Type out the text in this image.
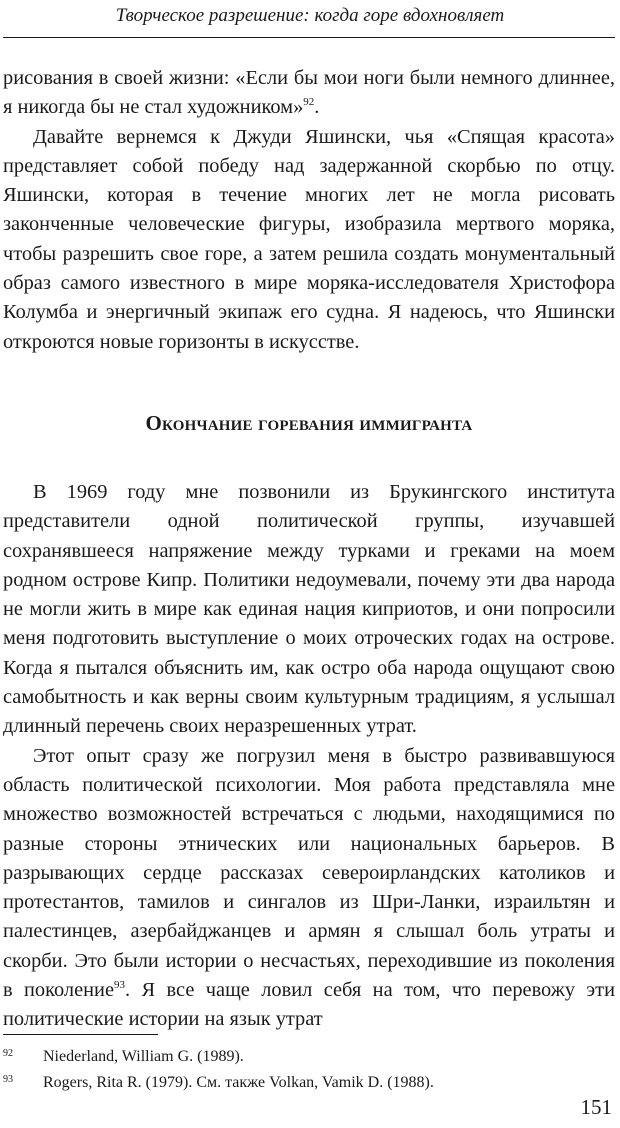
Творческое разрешение: когда горе вдохновляет

рисования в своей жизни: «Если бы мои ноги были немного длиннее, я никогда бы не стал художником»$^{92}$.

Давайте вернемся к Джуди Яшински, чья «Спящая красота» представляет собой победу над задержанной скорбью по отцу. Яшински, которая в течение многих лет не могла рисовать законченные человеческие фигуры, изобразила мертвого моряка, чтобы разрешить свое горе, а затем решила создать монументальный образ самого известного в мире моряка-исследователя Христофора Колумба и энергичный экипаж его судна. Я надеюсь, что Яшински откроются новые горизонты в искусстве.

Окончание горевания иммигранта

В 1969 году мне позвонили из Брукингского института представители одной политической группы, изучавшей сохранявшееся напряжение между турками и греками на моем родном острове Кипр. Политики недоумевали, почему эти два народа не могли жить в мире как единая нация киприотов, и они попросили меня подготовить выступление о моих отроческих годах на острове. Когда я пытался объяснить им, как остро оба народа ощущают свою самобытность и как верны своим культурным традициям, я услышал длинный перечень своих неразрешенных утрат.

Этот опыт сразу же погрузил меня в быстро развивавшуюся область политической психологии. Моя работа представляла мне множество возможностей встречаться с людьми, находящимися по разные стороны этнических или национальных барьеров. В разрывающих сердце рассказах североирландских католиков и протестантов, тамилов и сингалов из Шри-Ланки, израильтян и палестинцев, азербайджанцев и армян я слышал боль утраты и скорби. Это были истории о несчастьях, переходившие из поколения в поколение$^{93}$. Я все чаще ловил себя на том, что перевожу эти политические истории на язык утрат

92 Niederland, William G. (1989).
93 Rogers, Rita R. (1979). См. также Volkan, Vamik D. (1988).
151
